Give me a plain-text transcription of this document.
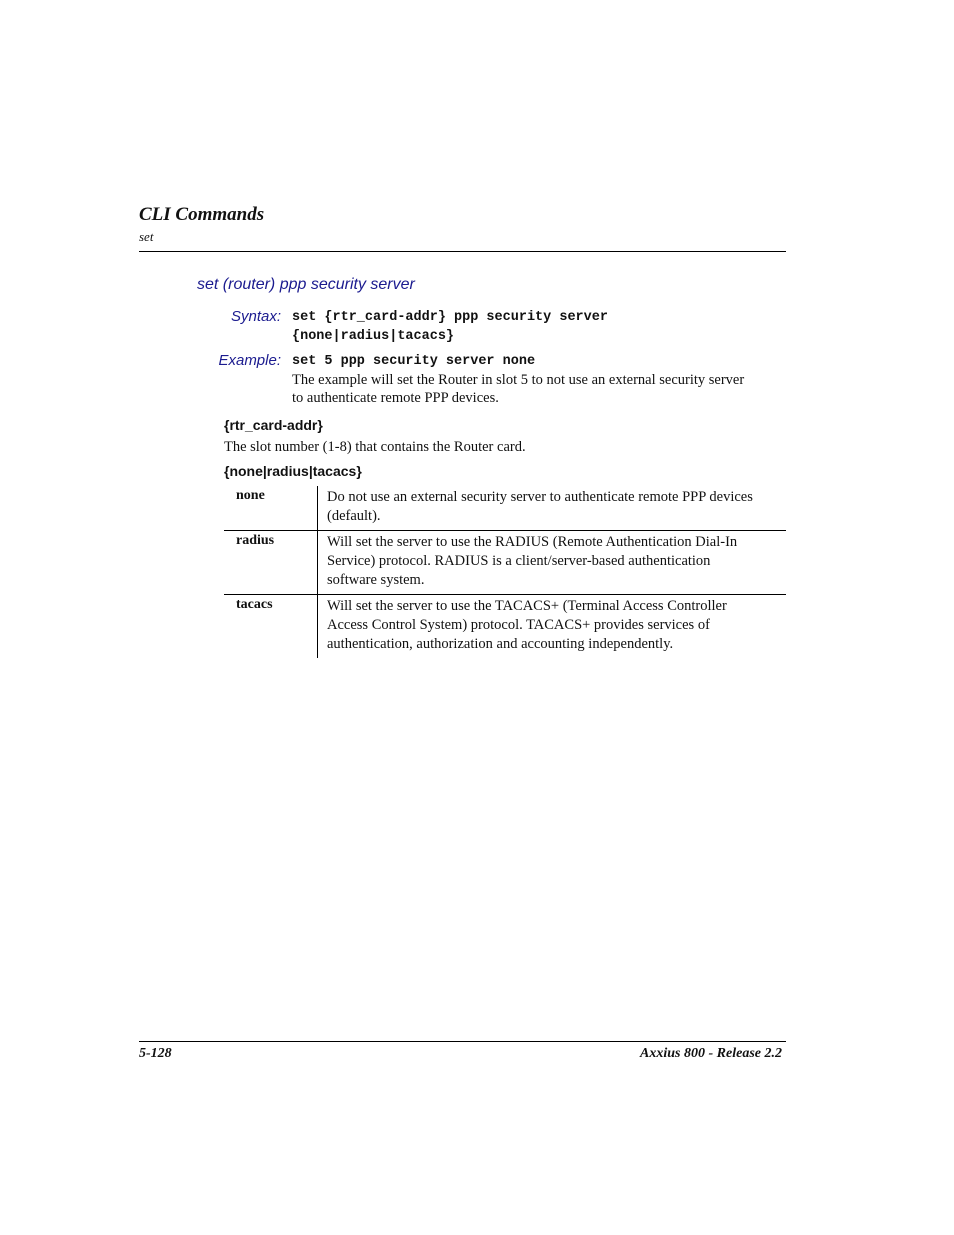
CLI Commands
set
set (router) ppp security server
Syntax: set {rtr_card-addr} ppp security server
{none|radius|tacacs}
Example: set 5 ppp security server none
The example will set the Router in slot 5 to not use an external security server
to authenticate remote PPP devices.
{rtr_card-addr}
The slot number (1-8) that contains the Router card.
{none|radius|tacacs}
none	Do not use an external security server to authenticate remote PPP devices
(default).
radius	Will set the server to use the RADIUS (Remote Authentication Dial-In
Service) protocol. RADIUS is a client/server-based authentication
software system.
tacacs	Will set the server to use the TACACS+ (Terminal Access Controller
Access Control System) protocol. TACACS+ provides services of
authentication, authorization and accounting independently.
5-128	Axxius 800 - Release 2.2
